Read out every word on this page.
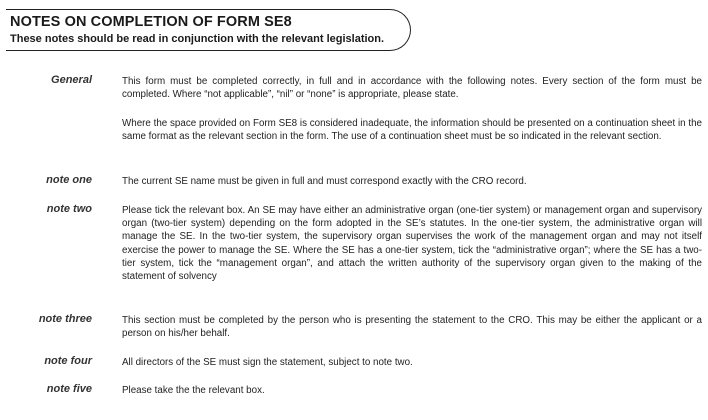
NOTES ON COMPLETION OF FORM SE8
These notes should be read in conjunction with the relevant legislation.
General	This form must be completed correctly, in full and in accordance with the following notes. Every section of the form must be completed. Where “not applicable”, “nil” or “none” is appropriate, please state.
Where the space provided on Form SE8 is considered inadequate, the information should be presented on a continuation sheet in the same format as the relevant section in the form. The use of a continuation sheet must be so indicated in the relevant section.
note one	The current SE name must be given in full and must correspond exactly with the CRO record.
note two	Please tick the relevant box. An SE may have either an administrative organ (one-tier system) or management organ and supervisory organ (two-tier system) depending on the form adopted in the SE’s statutes. In the one-tier system, the administrative organ will manage the SE. In the two-tier system, the supervisory organ supervises the work of the management organ and may not itself exercise the power to manage the SE. Where the SE has a one-tier system, tick the “administrative organ”; where the SE has a two-tier system, tick the “management organ”, and attach the written authority of the supervisory organ given to the making of the statement of solvency
note three	This section must be completed by the person who is presenting the statement to the CRO. This may be either the applicant or a person on his/her behalf.
note four	All directors of the SE must sign the statement, subject to note two.
note five	Please take the the relevant box.
